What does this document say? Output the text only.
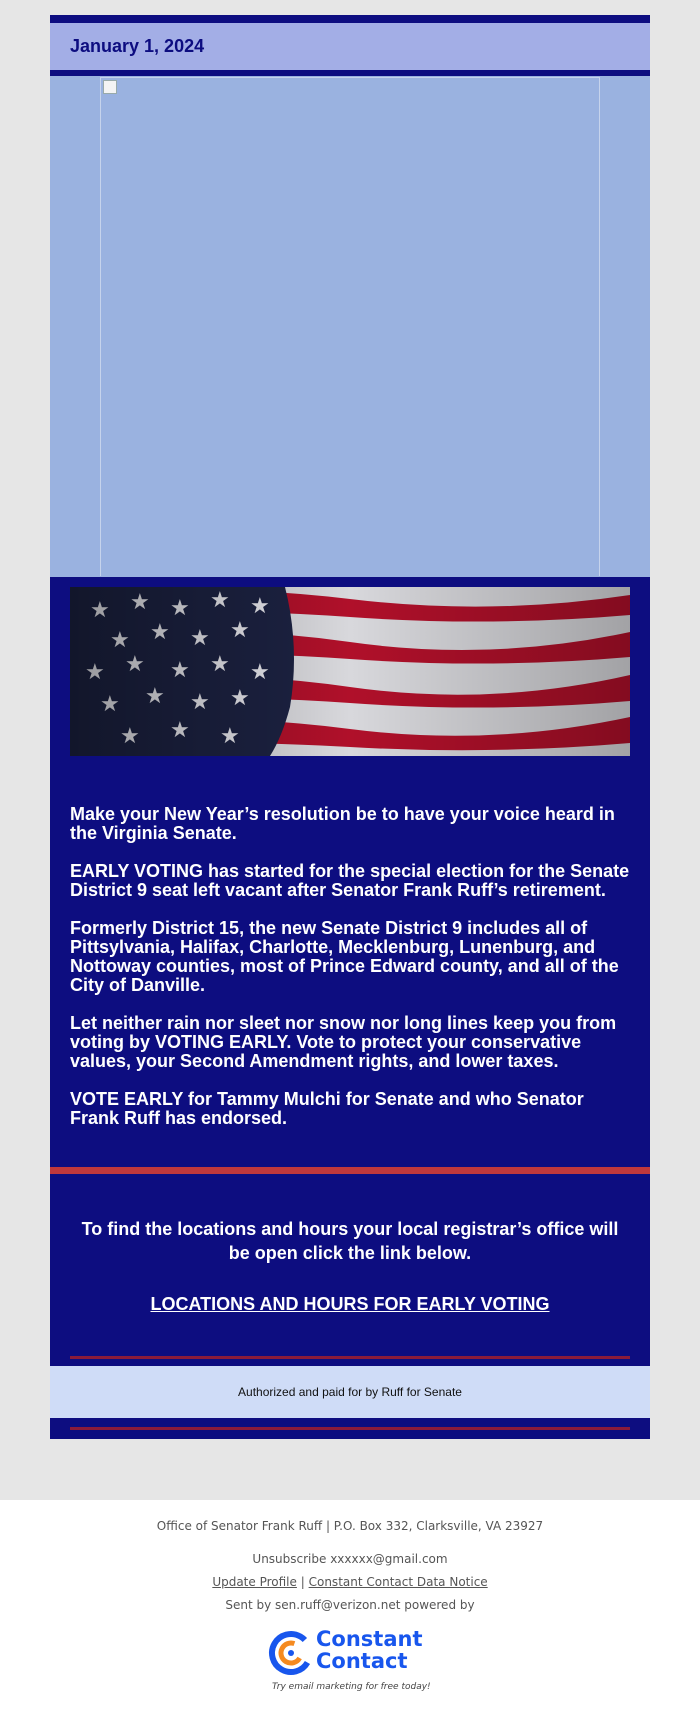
January 1, 2024

Make your New Year’s resolution be to have your voice heard in the Virginia Senate.

EARLY VOTING has started for the special election for the Senate District 9 seat left vacant after Senator Frank Ruff’s retirement.

Formerly District 15, the new Senate District 9 includes all of Pittsylvania, Halifax, Charlotte, Mecklenburg, Lunenburg, and Nottoway counties, most of Prince Edward county, and all of the City of Danville.

Let neither rain nor sleet nor snow nor long lines keep you from voting by VOTING EARLY. Vote to protect your conservative values, your Second Amendment rights, and lower taxes.

VOTE EARLY for Tammy Mulchi for Senate and who Senator Frank Ruff has endorsed.

To find the locations and hours your local registrar’s office will be open click the link below.

LOCATIONS AND HOURS FOR EARLY VOTING
Authorized and paid for by Ruff for Senate
Office of Senator Frank Ruff | P.O. Box 332, Clarksville, VA 23927
Unsubscribe xxxxxx@gmail.com
Update Profile | Constant Contact Data Notice
Sent by sen.ruff@verizon.net powered by
Constant
Contact
Try email marketing for free today!
